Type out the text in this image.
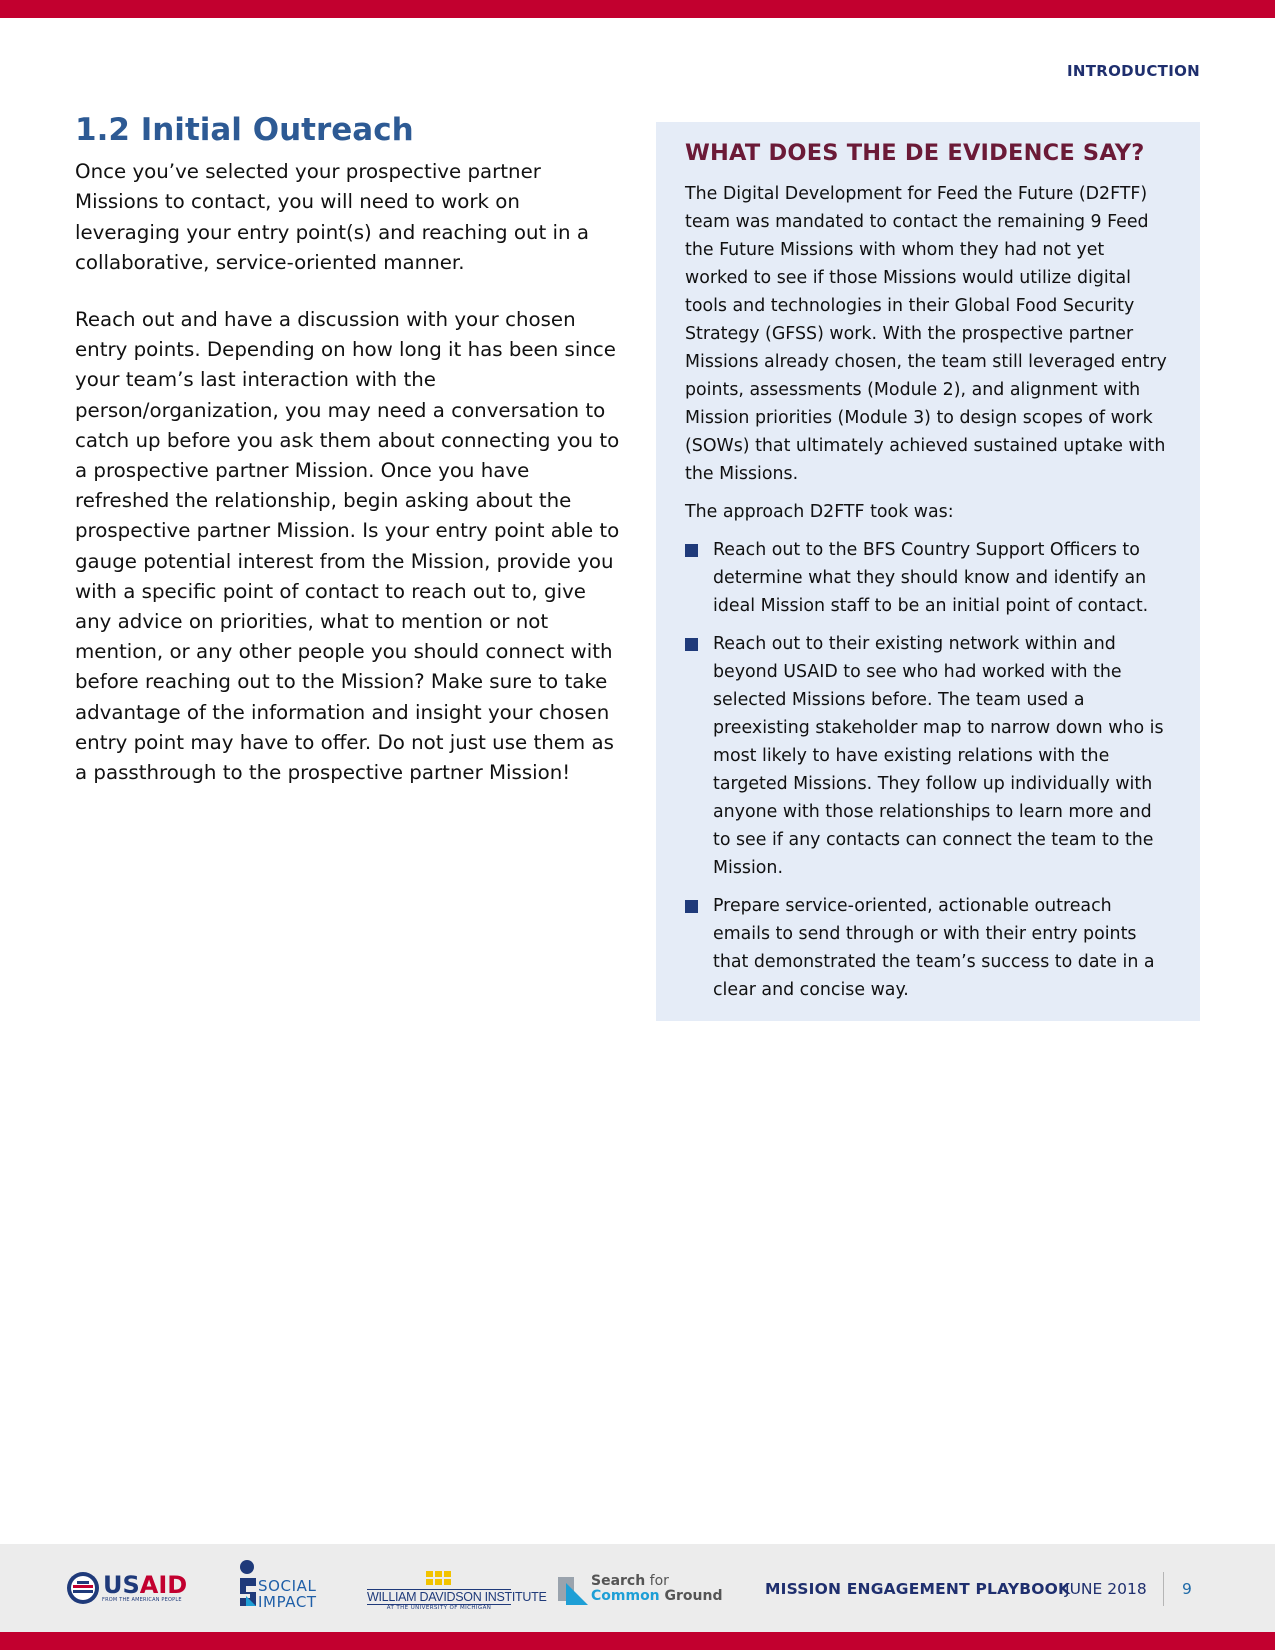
INTRODUCTION
1.2 Initial Outreach

Once you’ve selected your prospective partner Missions to contact, you will need to work on leveraging your entry point(s) and reaching out in a collaborative, service-oriented manner.

Reach out and have a discussion with your chosen entry points. Depending on how long it has been since your team’s last interaction with the person/organization, you may need a conversation to catch up before you ask them about connecting you to a prospective partner Mission. Once you have refreshed the relationship, begin asking about the prospective partner Mission. Is your entry point able to gauge potential interest from the Mission, provide you with a specific point of contact to reach out to, give any advice on priorities, what to mention or not mention, or any other people you should connect with before reaching out to the Mission? Make sure to take advantage of the information and insight your chosen entry point may have to offer. Do not just use them as a passthrough to the prospective partner Mission!

WHAT DOES THE DE EVIDENCE SAY?

The Digital Development for Feed the Future (D2FTF) team was mandated to contact the remaining 9 Feed the Future Missions with whom they had not yet worked to see if those Missions would utilize digital tools and technologies in their Global Food Security Strategy (GFSS) work. With the prospective partner Missions already chosen, the team still leveraged entry points, assessments (Module 2), and alignment with Mission priorities (Module 3) to design scopes of work (SOWs) that ultimately achieved sustained uptake with the Missions.

The approach D2FTF took was:

Reach out to the BFS Country Support Officers to determine what they should know and identify an ideal Mission staff to be an initial point of contact.
Reach out to their existing network within and beyond USAID to see who had worked with the selected Missions before. The team used a preexisting stakeholder map to narrow down who is most likely to have existing relations with the targeted Missions. They follow up individually with anyone with those relationships to learn more and to see if any contacts can connect the team to the Mission.
Prepare service-oriented, actionable outreach emails to send through or with their entry points that demonstrated the team’s success to date in a clear and concise way.
USAID
FROM THE AMERICAN PEOPLE
SOCIAL
IMPACT	WILLIAM DAVIDSON INSTITUTE
AT THE UNIVERSITY OF MICHIGAN
Search for
Common Ground	MISSION ENGAGEMENT PLAYBOOK
JUNE 2018 9
